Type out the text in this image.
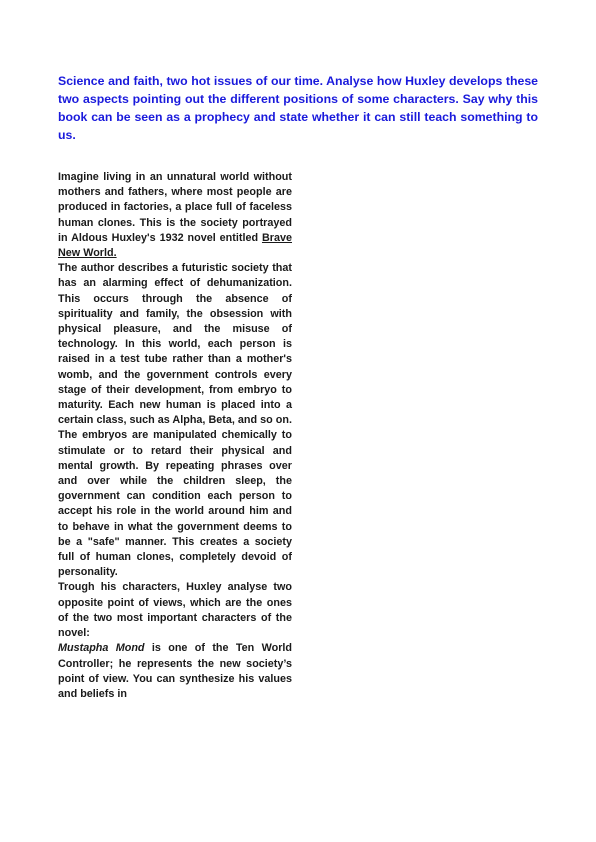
Science and faith, two hot issues of our time. Analyse how Huxley develops these two aspects pointing out the different positions of some characters. Say why this book can be seen as a prophecy and state whether it can still teach something to us.

Imagine living in an unnatural world without mothers and fathers, where most people are produced in factories, a place full of faceless human clones. This is the society portrayed in Aldous Huxley's 1932 novel entitled Brave New World.

The author describes a futuristic society that has an alarming effect of dehumanization. This occurs through the absence of spirituality and family, the obsession with physical pleasure, and the misuse of technology. In this world, each person is raised in a test tube rather than a mother's womb, and the government controls every stage of their development, from embryo to maturity. Each new human is placed into a certain class, such as Alpha, Beta, and so on. The embryos are manipulated chemically to stimulate or to retard their physical and mental growth. By repeating phrases over and over while the children sleep, the government can condition each person to accept his role in the world around him and to behave in what the government deems to be a "safe" manner. This creates a society full of human clones, completely devoid of personality.

Trough his characters, Huxley analyse two opposite point of views, which are the ones of the two most important characters of the novel:

Mustapha Mond is one of the Ten World Controller; he represents the new society’s point of view. You can synthesize his values and beliefs in
